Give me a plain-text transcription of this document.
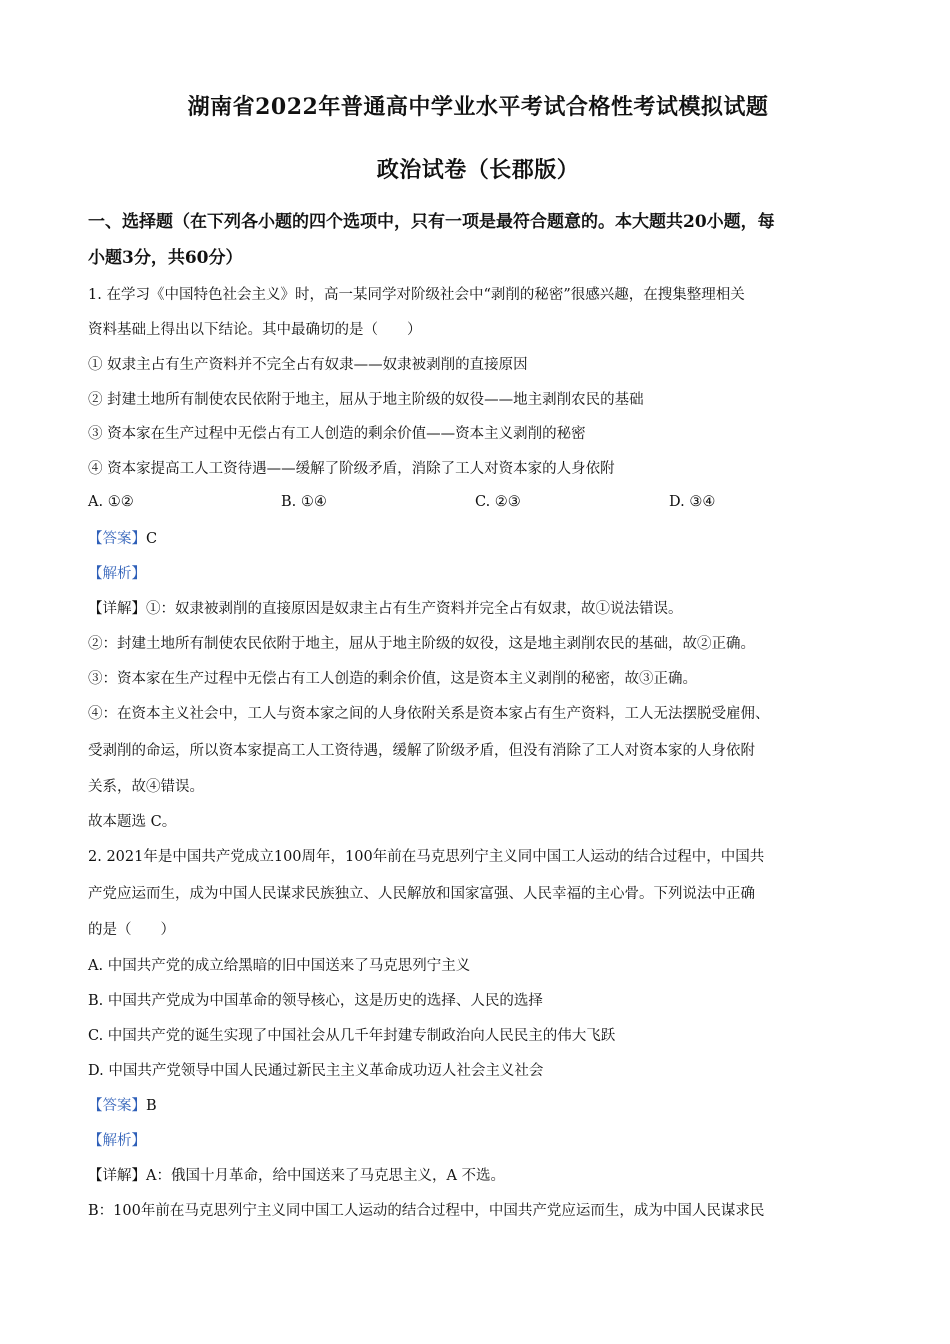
湖南省2022年普通高中学业水平考试合格性考试模拟试题
政治试卷（长郡版）
一、选择题（在下列各小题的四个选项中，只有一项是最符合题意的。本大题共20小题，每
小题3分，共60分）
1. 在学习《中国特色社会主义》时，高一某同学对阶级社会中“剥削的秘密”很感兴趣，在搜集整理相关
资料基础上得出以下结论。其中最确切的是（　　）
① 奴隶主占有生产资料并不完全占有奴隶——奴隶被剥削的直接原因
② 封建土地所有制使农民依附于地主，屈从于地主阶级的奴役——地主剥削农民的基础
③ 资本家在生产过程中无偿占有工人创造的剩余价值——资本主义剥削的秘密
④ 资本家提高工人工资待遇——缓解了阶级矛盾，消除了工人对资本家的人身依附
A. ①②	B. ①④	C. ②③	D. ③④
【答案】C
【解析】
【详解】①：奴隶被剥削的直接原因是奴隶主占有生产资料并完全占有奴隶，故①说法错误。
②：封建土地所有制使农民依附于地主，屈从于地主阶级的奴役，这是地主剥削农民的基础，故②正确。
③：资本家在生产过程中无偿占有工人创造的剩余价值，这是资本主义剥削的秘密，故③正确。
④：在资本主义社会中，工人与资本家之间的人身依附关系是资本家占有生产资料，工人无法摆脱受雇佣、
受剥削的命运，所以资本家提高工人工资待遇，缓解了阶级矛盾，但没有消除了工人对资本家的人身依附
关系，故④错误。
故本题选 C。
2. 2021年是中国共产党成立100周年，100年前在马克思列宁主义同中国工人运动的结合过程中，中国共
产党应运而生，成为中国人民谋求民族独立、人民解放和国家富强、人民幸福的主心骨。下列说法中正确
的是（　　）
A. 中国共产党的成立给黑暗的旧中国送来了马克思列宁主义
B. 中国共产党成为中国革命的领导核心，这是历史的选择、人民的选择
C. 中国共产党的诞生实现了中国社会从几千年封建专制政治向人民民主的伟大飞跃
D. 中国共产党领导中国人民通过新民主主义革命成功迈人社会主义社会
【答案】B
【解析】
【详解】A：俄国十月革命，给中国送来了马克思主义，A 不选。
B：100年前在马克思列宁主义同中国工人运动的结合过程中，中国共产党应运而生，成为中国人民谋求民
